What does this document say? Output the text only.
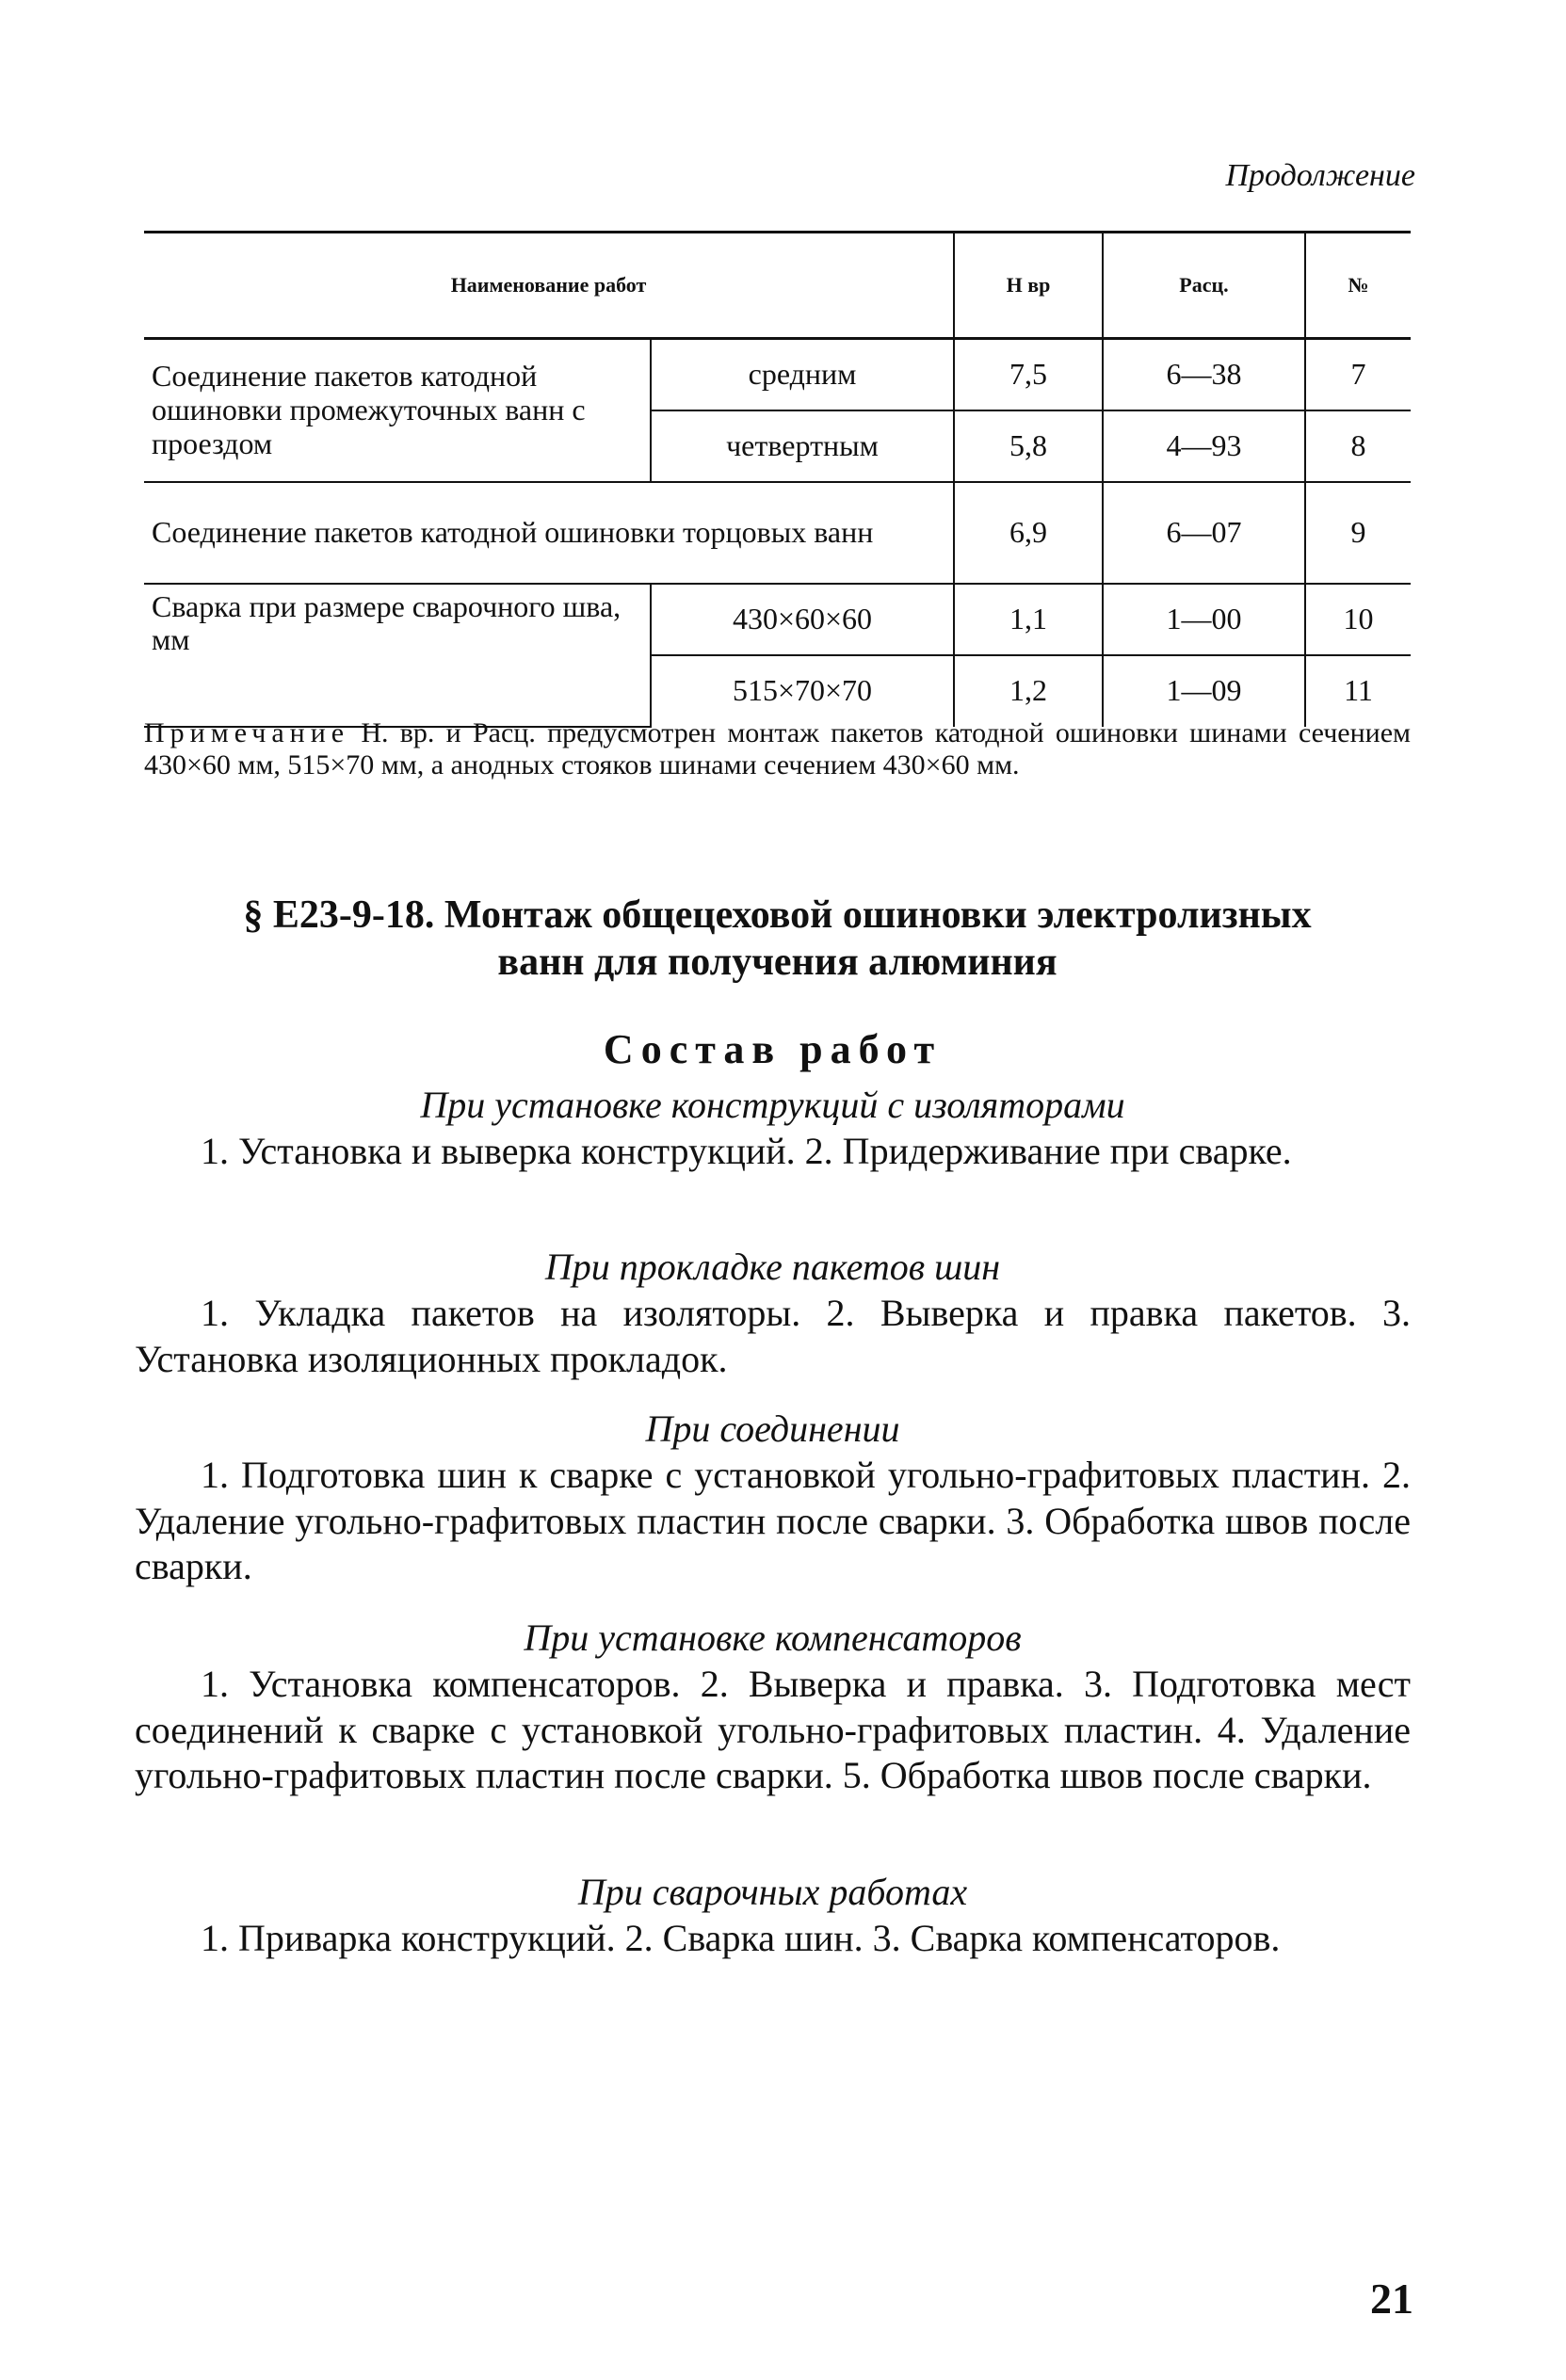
Продолжение
Наименование работ		Н вр	Расц.	№
Соединение пакетов катодной ошиновки промежуточных ванн с проездом	средним	7,5	6—38	7
	четвертным	5,8	4—93	8
Соединение пакетов катодной ошиновки торцовых ванн		6,9	6—07	9
Сварка при размере сварочного шва, мм	430×60×60	1,1	1—00	10
	515×70×70	1,2	1—09	11
Примечание Н. вр. и Расц. предусмотрен монтаж пакетов катодной ошиновки шинами сечением 430×60 мм, 515×70 мм, а анодных стояков шинами сечением 430×60 мм.
§ Е23-9-18. Монтаж общецеховой ошиновки электролизных
ванн для получения алюминия
Состав работ
При установке конструкций с изоляторами
1. Установка и выверка конструкций. 2. Придерживание при сварке.
При прокладке пакетов шин
1. Укладка пакетов на изоляторы. 2. Выверка и правка пакетов. 3. Установка изоляционных прокладок.
При соединении
1. Подготовка шин к сварке с установкой угольно-графитовых пластин. 2. Удаление угольно-графитовых пластин после сварки. 3. Обработка швов после сварки.
При установке компенсаторов
1. Установка компенсаторов. 2. Выверка и правка. 3. Подготовка мест соединений к сварке с установкой угольно-графитовых пластин. 4. Удаление угольно-графитовых пластин после сварки. 5. Обработка швов после сварки.
При сварочных работах
1. Приварка конструкций. 2. Сварка шин. 3. Сварка компенсаторов.
21
